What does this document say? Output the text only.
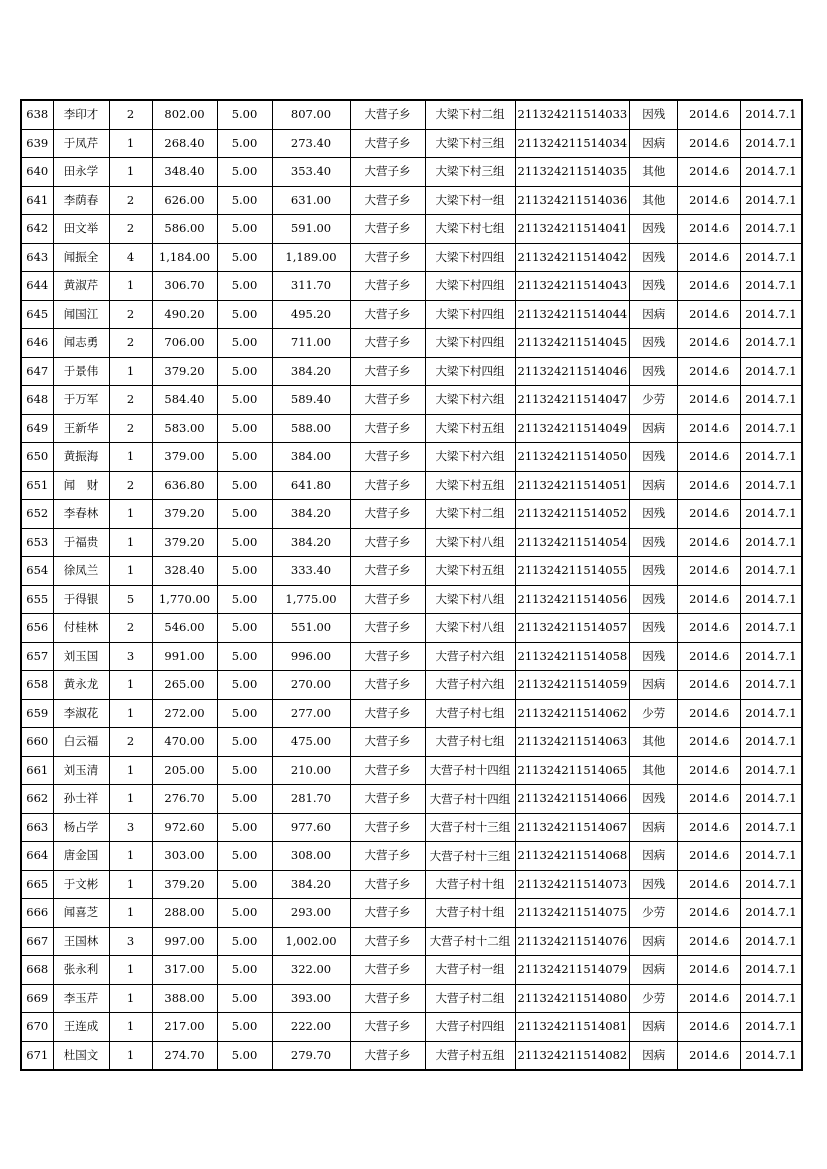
638	李印才	2	802.00	5.00	807.00	大营子乡	大梁下村二组	211324211514033	因残	2014.6	2014.7.1
639	于凤芹	1	268.40	5.00	273.40	大营子乡	大梁下村三组	211324211514034	因病	2014.6	2014.7.1
640	田永学	1	348.40	5.00	353.40	大营子乡	大梁下村三组	211324211514035	其他	2014.6	2014.7.1
641	李荫春	2	626.00	5.00	631.00	大营子乡	大梁下村一组	211324211514036	其他	2014.6	2014.7.1
642	田文举	2	586.00	5.00	591.00	大营子乡	大梁下村七组	211324211514041	因残	2014.6	2014.7.1
643	闻振全	4	1,184.00	5.00	1,189.00	大营子乡	大梁下村四组	211324211514042	因残	2014.6	2014.7.1
644	黄淑芹	1	306.70	5.00	311.70	大营子乡	大梁下村四组	211324211514043	因残	2014.6	2014.7.1
645	闻国江	2	490.20	5.00	495.20	大营子乡	大梁下村四组	211324211514044	因病	2014.6	2014.7.1
646	闻志勇	2	706.00	5.00	711.00	大营子乡	大梁下村四组	211324211514045	因残	2014.6	2014.7.1
647	于景伟	1	379.20	5.00	384.20	大营子乡	大梁下村四组	211324211514046	因残	2014.6	2014.7.1
648	于万军	2	584.40	5.00	589.40	大营子乡	大梁下村六组	211324211514047	少劳	2014.6	2014.7.1
649	王新华	2	583.00	5.00	588.00	大营子乡	大梁下村五组	211324211514049	因病	2014.6	2014.7.1
650	黄振海	1	379.00	5.00	384.00	大营子乡	大梁下村六组	211324211514050	因残	2014.6	2014.7.1
651	闻　财	2	636.80	5.00	641.80	大营子乡	大梁下村五组	211324211514051	因病	2014.6	2014.7.1
652	李春林	1	379.20	5.00	384.20	大营子乡	大梁下村二组	211324211514052	因残	2014.6	2014.7.1
653	于福贵	1	379.20	5.00	384.20	大营子乡	大梁下村八组	211324211514054	因残	2014.6	2014.7.1
654	徐凤兰	1	328.40	5.00	333.40	大营子乡	大梁下村五组	211324211514055	因残	2014.6	2014.7.1
655	于得银	5	1,770.00	5.00	1,775.00	大营子乡	大梁下村八组	211324211514056	因残	2014.6	2014.7.1
656	付桂林	2	546.00	5.00	551.00	大营子乡	大梁下村八组	211324211514057	因残	2014.6	2014.7.1
657	刘玉国	3	991.00	5.00	996.00	大营子乡	大营子村六组	211324211514058	因残	2014.6	2014.7.1
658	黄永龙	1	265.00	5.00	270.00	大营子乡	大营子村六组	211324211514059	因病	2014.6	2014.7.1
659	李淑花	1	272.00	5.00	277.00	大营子乡	大营子村七组	211324211514062	少劳	2014.6	2014.7.1
660	白云福	2	470.00	5.00	475.00	大营子乡	大营子村七组	211324211514063	其他	2014.6	2014.7.1
661	刘玉清	1	205.00	5.00	210.00	大营子乡	大营子村十四组	211324211514065	其他	2014.6	2014.7.1
662	孙士祥	1	276.70	5.00	281.70	大营子乡	大营子村十四组	211324211514066	因残	2014.6	2014.7.1
663	杨占学	3	972.60	5.00	977.60	大营子乡	大营子村十三组	211324211514067	因病	2014.6	2014.7.1
664	唐金国	1	303.00	5.00	308.00	大营子乡	大营子村十三组	211324211514068	因病	2014.6	2014.7.1
665	于文彬	1	379.20	5.00	384.20	大营子乡	大营子村十组	211324211514073	因残	2014.6	2014.7.1
666	闻喜芝	1	288.00	5.00	293.00	大营子乡	大营子村十组	211324211514075	少劳	2014.6	2014.7.1
667	王国林	3	997.00	5.00	1,002.00	大营子乡	大营子村十二组	211324211514076	因病	2014.6	2014.7.1
668	张永利	1	317.00	5.00	322.00	大营子乡	大营子村一组	211324211514079	因病	2014.6	2014.7.1
669	李玉芹	1	388.00	5.00	393.00	大营子乡	大营子村二组	211324211514080	少劳	2014.6	2014.7.1
670	王连成	1	217.00	5.00	222.00	大营子乡	大营子村四组	211324211514081	因病	2014.6	2014.7.1
671	杜国文	1	274.70	5.00	279.70	大营子乡	大营子村五组	211324211514082	因病	2014.6	2014.7.1
